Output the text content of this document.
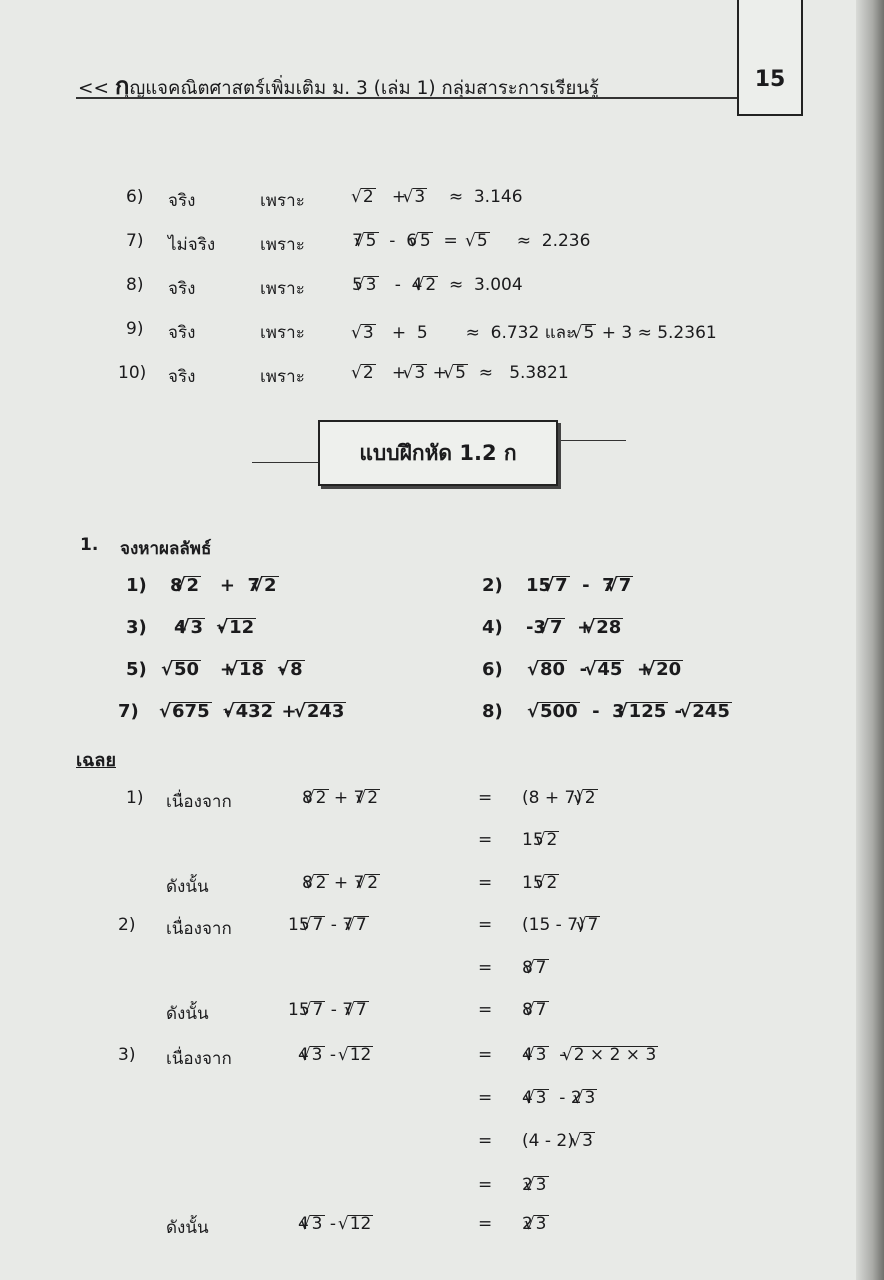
<< กุญแจคณิตศาสตร์เพิ่มเติม ม. 3 (เล่ม 1) กลุ่มสาระการเรียนรู้	15
6) จริง	เพราะ	√ 2   + √ 3    ≈  3.146
7) ไม่จริง	เพราะ	7 √ 5  -  6 √ 5  =   √ 5     ≈  2.236
8) จริง	เพราะ	5 √ 3   -  4 √ 2  ≈  3.004
9) จริง	เพราะ	√ 3   +  5       ≈  6.732 และ √ 5 + 3 ≈ 5.2361
10) จริง	เพราะ	√ 2   + √ 3 + √ 5  ≈   5.3821
แบบฝึกหัด 1.2 ก
1. จงหาผลลัพธ์
1) 8 √ 2   +  7 √ 2	2) 15 √ 7  -  7 √ 7
3) 4 √ 3  - √ 12	4) -3 √ 7  + √ 28
5) √ 50   + √ 18  - √ 8	6) √ 80  - √ 45  + √ 20
7) √ 675  - √ 432 + √ 243	8) √ 500  -  3 √ 125 - √ 245
เฉลย
1) เนื่องจาก	8 √ 2 + 7 √ 2	= (8 + 7) √ 2
= 15 √ 2
ดังนั้น	8 √ 2 + 7 √ 2	= 15 √ 2
2) เนื่องจาก	15 √ 7 - 7 √ 7	= (15 - 7) √ 7
= 8 √ 7
ดังนั้น	15 √ 7 - 7 √ 7	= 8 √ 7
3) เนื่องจาก	4 √ 3 -  √ 12	= 4 √ 3  - √ 2 × 2 × 3
= 4 √ 3  - 2 √ 3
= (4 - 2) √ 3
= 2 √ 3
ดังนั้น	4 √ 3 -  √ 12	= 2 √ 3
